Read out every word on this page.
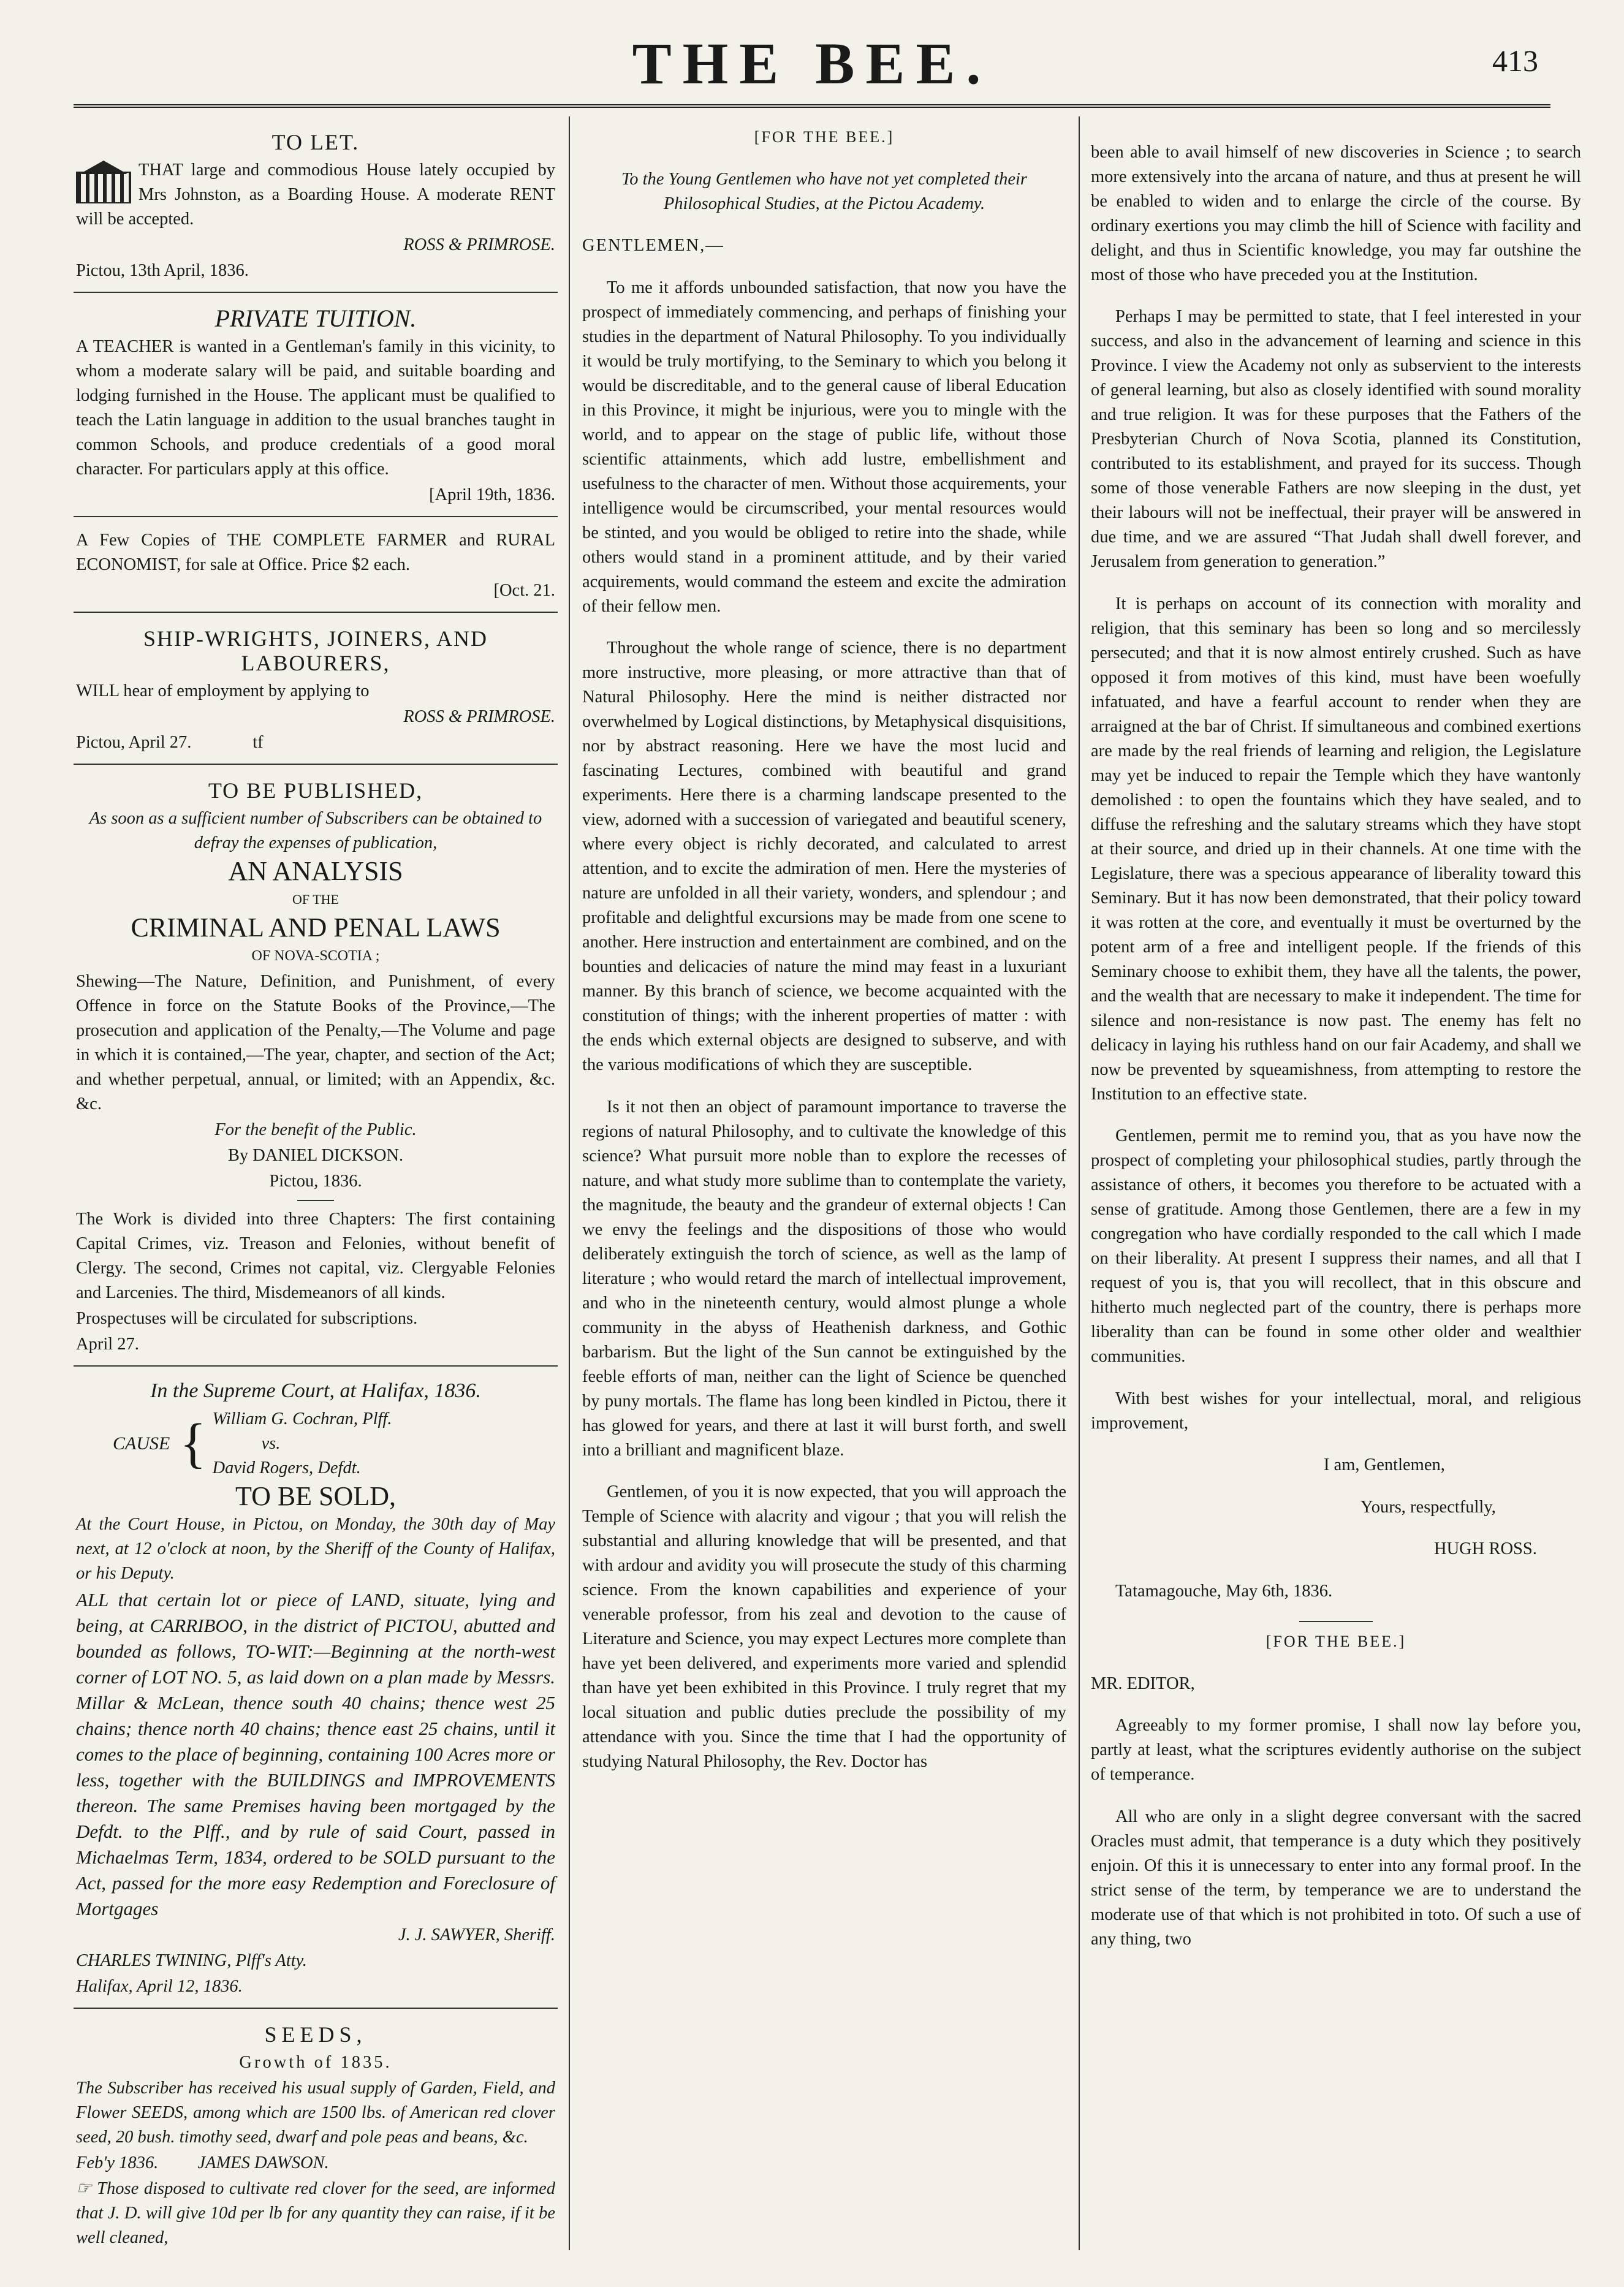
THE BEE.	413
TO LET.

THAT large and commodious House lately occupied by Mrs Johnston, as a Boarding House. A moderate RENT will be accepted.

ROSS & PRIMROSE.

Pictou, 13th April, 1836.

PRIVATE TUITION.

A TEACHER is wanted in a Gentleman's family in this vicinity, to whom a moderate salary will be paid, and suitable boarding and lodging furnished in the House. The applicant must be qualified to teach the Latin language in addition to the usual branches taught in common Schools, and produce credentials of a good moral character. For particulars apply at this office.

[April 19th, 1836.

A Few Copies of THE COMPLETE FARMER and RURAL ECONOMIST, for sale at Office. Price $2 each.

[Oct. 21.

SHIP-WRIGHTS, JOINERS, AND LABOURERS,

WILL hear of employment by applying to

ROSS & PRIMROSE.

Pictou, April 27.	tf

TO BE PUBLISHED,

As soon as a sufficient number of Subscribers can be obtained to defray the expenses of publication,

AN ANALYSIS
OF THE
CRIMINAL AND PENAL LAWS
OF NOVA-SCOTIA ;

Shewing—The Nature, Definition, and Punishment, of every Offence in force on the Statute Books of the Province,—The prosecution and application of the Penalty,—The Volume and page in which it is contained,—The year, chapter, and section of the Act; and whether perpetual, annual, or limited; with an Appendix, &c. &c.

For the benefit of the Public.

By DANIEL DICKSON.

Pictou, 1836.

The Work is divided into three Chapters: The first containing Capital Crimes, viz. Treason and Felonies, without benefit of Clergy. The second, Crimes not capital, viz. Clergyable Felonies and Larcenies. The third, Misdemeanors of all kinds.

Prospectuses will be circulated for subscriptions.

April 27.

In the Supreme Court, at Halifax, 1836.
CAUSE { William G. Cochran, Plff.
vs.
David Rogers, Defdt.
TO BE SOLD,

At the Court House, in Pictou, on Monday, the 30th day of May next, at 12 o'clock at noon, by the Sheriff of the County of Halifax, or his Deputy.

ALL that certain lot or piece of LAND, situate, lying and being, at CARRIBOO, in the district of PICTOU, abutted and bounded as follows, TO-WIT:—Beginning at the north-west corner of LOT NO. 5, as laid down on a plan made by Messrs. Millar & McLean, thence south 40 chains; thence west 25 chains; thence north 40 chains; thence east 25 chains, until it comes to the place of beginning, containing 100 Acres more or less, together with the BUILDINGS and IMPROVEMENTS thereon. The same Premises having been mortgaged by the Defdt. to the Plff., and by rule of said Court, passed in Michaelmas Term, 1834, ordered to be SOLD pursuant to the Act, passed for the more easy Redemption and Foreclosure of Mortgages

J. J. SAWYER, Sheriff.

CHARLES TWINING, Plff's Atty.

Halifax, April 12, 1836.

SEEDS,
Growth of 1835.

The Subscriber has received his usual supply of Garden, Field, and Flower SEEDS, among which are 1500 lbs. of American red clover seed, 20 bush. timothy seed, dwarf and pole peas and beans, &c.

Feb'y 1836. JAMES DAWSON.

☞ Those disposed to cultivate red clover for the seed, are informed that J. D. will give 10d per lb for any quantity they can raise, if it be well cleaned,

[FOR THE BEE.]

To the Young Gentlemen who have not yet completed their Philosophical Studies, at the Pictou Academy.

GENTLEMEN,—

To me it affords unbounded satisfaction, that now you have the prospect of immediately commencing, and perhaps of finishing your studies in the department of Natural Philosophy. To you individually it would be truly mortifying, to the Seminary to which you belong it would be discreditable, and to the general cause of liberal Education in this Province, it might be injurious, were you to mingle with the world, and to appear on the stage of public life, without those scientific attainments, which add lustre, embellishment and usefulness to the character of men. Without those acquirements, your intelligence would be circumscribed, your mental resources would be stinted, and you would be obliged to retire into the shade, while others would stand in a prominent attitude, and by their varied acquirements, would command the esteem and excite the admiration of their fellow men.

Throughout the whole range of science, there is no department more instructive, more pleasing, or more attractive than that of Natural Philosophy. Here the mind is neither distracted nor overwhelmed by Logical distinctions, by Metaphysical disquisitions, nor by abstract reasoning. Here we have the most lucid and fascinating Lectures, combined with beautiful and grand experiments. Here there is a charming landscape presented to the view, adorned with a succession of variegated and beautiful scenery, where every object is richly decorated, and calculated to arrest attention, and to excite the admiration of men. Here the mysteries of nature are unfolded in all their variety, wonders, and splendour ; and profitable and delightful excursions may be made from one scene to another. Here instruction and entertainment are combined, and on the bounties and delicacies of nature the mind may feast in a luxuriant manner. By this branch of science, we become acquainted with the constitution of things; with the inherent properties of matter : with the ends which external objects are designed to subserve, and with the various modifications of which they are susceptible.

Is it not then an object of paramount importance to traverse the regions of natural Philosophy, and to cultivate the knowledge of this science? What pursuit more noble than to explore the recesses of nature, and what study more sublime than to contemplate the variety, the magnitude, the beauty and the grandeur of external objects ! Can we envy the feelings and the dispositions of those who would deliberately extinguish the torch of science, as well as the lamp of literature ; who would retard the march of intellectual improvement, and who in the nineteenth century, would almost plunge a whole community in the abyss of Heathenish darkness, and Gothic barbarism. But the light of the Sun cannot be extinguished by the feeble efforts of man, neither can the light of Science be quenched by puny mortals. The flame has long been kindled in Pictou, there it has glowed for years, and there at last it will burst forth, and swell into a brilliant and magnificent blaze.

Gentlemen, of you it is now expected, that you will approach the Temple of Science with alacrity and vigour ; that you will relish the substantial and alluring knowledge that will be presented, and that with ardour and avidity you will prosecute the study of this charming science. From the known capabilities and experience of your venerable professor, from his zeal and devotion to the cause of Literature and Science, you may expect Lectures more complete than have yet been delivered, and experiments more varied and splendid than have yet been exhibited in this Province. I truly regret that my local situation and public duties preclude the possibility of my attendance with you. Since the time that I had the opportunity of studying Natural Philosophy, the Rev. Doctor has

been able to avail himself of new discoveries in Science ; to search more extensively into the arcana of nature, and thus at present he will be enabled to widen and to enlarge the circle of the course. By ordinary exertions you may climb the hill of Science with facility and delight, and thus in Scientific knowledge, you may far outshine the most of those who have preceded you at the Institution.

Perhaps I may be permitted to state, that I feel interested in your success, and also in the advancement of learning and science in this Province. I view the Academy not only as subservient to the interests of general learning, but also as closely identified with sound morality and true religion. It was for these purposes that the Fathers of the Presbyterian Church of Nova Scotia, planned its Constitution, contributed to its establishment, and prayed for its success. Though some of those venerable Fathers are now sleeping in the dust, yet their labours will not be ineffectual, their prayer will be answered in due time, and we are assured “That Judah shall dwell forever, and Jerusalem from generation to generation.”

It is perhaps on account of its connection with morality and religion, that this seminary has been so long and so mercilessly persecuted; and that it is now almost entirely crushed. Such as have opposed it from motives of this kind, must have been woefully infatuated, and have a fearful account to render when they are arraigned at the bar of Christ. If simultaneous and combined exertions are made by the real friends of learning and religion, the Legislature may yet be induced to repair the Temple which they have wantonly demolished : to open the fountains which they have sealed, and to diffuse the refreshing and the salutary streams which they have stopt at their source, and dried up in their channels. At one time with the Legislature, there was a specious appearance of liberality toward this Seminary. But it has now been demonstrated, that their policy toward it was rotten at the core, and eventually it must be overturned by the potent arm of a free and intelligent people. If the friends of this Seminary choose to exhibit them, they have all the talents, the power, and the wealth that are necessary to make it independent. The time for silence and non-resistance is now past. The enemy has felt no delicacy in laying his ruthless hand on our fair Academy, and shall we now be prevented by squeamishness, from attempting to restore the Institution to an effective state.

Gentlemen, permit me to remind you, that as you have now the prospect of completing your philosophical studies, partly through the assistance of others, it becomes you therefore to be actuated with a sense of gratitude. Among those Gentlemen, there are a few in my congregation who have cordially responded to the call which I made on their liberality. At present I suppress their names, and all that I request of you is, that you will recollect, that in this obscure and hitherto much neglected part of the country, there is perhaps more liberality than can be found in some other older and wealthier communities.

With best wishes for your intellectual, moral, and religious improvement,

I am, Gentlemen,

Yours, respectfully,

HUGH ROSS.

Tatamagouche, May 6th, 1836.

[FOR THE BEE.]

MR. EDITOR,

Agreeably to my former promise, I shall now lay before you, partly at least, what the scriptures evidently authorise on the subject of temperance.

All who are only in a slight degree conversant with the sacred Oracles must admit, that temperance is a duty which they positively enjoin. Of this it is unnecessary to enter into any formal proof. In the strict sense of the term, by temperance we are to understand the moderate use of that which is not prohibited in toto. Of such a use of any thing, two
